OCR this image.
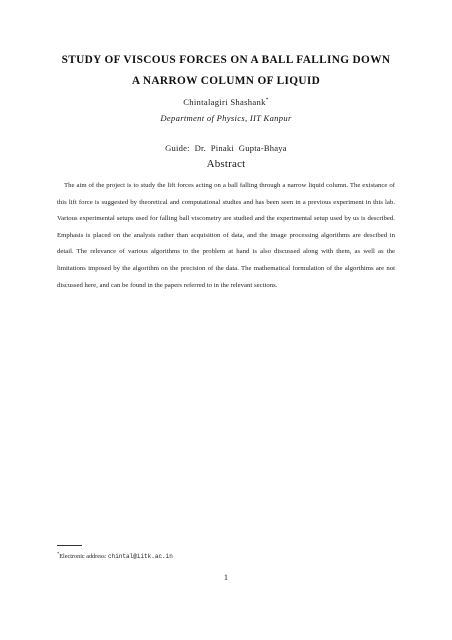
STUDY OF VISCOUS FORCES ON A BALL FALLING DOWN
A NARROW COLUMN OF LIQUID
Chintalagiri Shashank*
Department of Physics, IIT Kanpur
Guide: Dr. Pinaki Gupta-Bhaya
Abstract

The aim of the project is to study the lift forces acting on a ball falling through a narrow liquid column. The existance of this lift force is suggested by theoretical and computational studies and has been seen in a previous experiment in this lab. Various experimental setups used for falling ball viscometry are studied and the experimental setup used by us is described. Emphasis is placed on the analysis rather than acquisition of data, and the image processing algorithms are descibed in detail. The relevance of various algorithms to the problem at hand is also discussed along with them, as well as the limitations imposed by the algorithm on the precision of the data. The mathematical formulation of the algorthims are not discussed here, and can be found in the papers referred to in the relevant sections.

*Electronic address: chintal@iitk.ac.in
1
